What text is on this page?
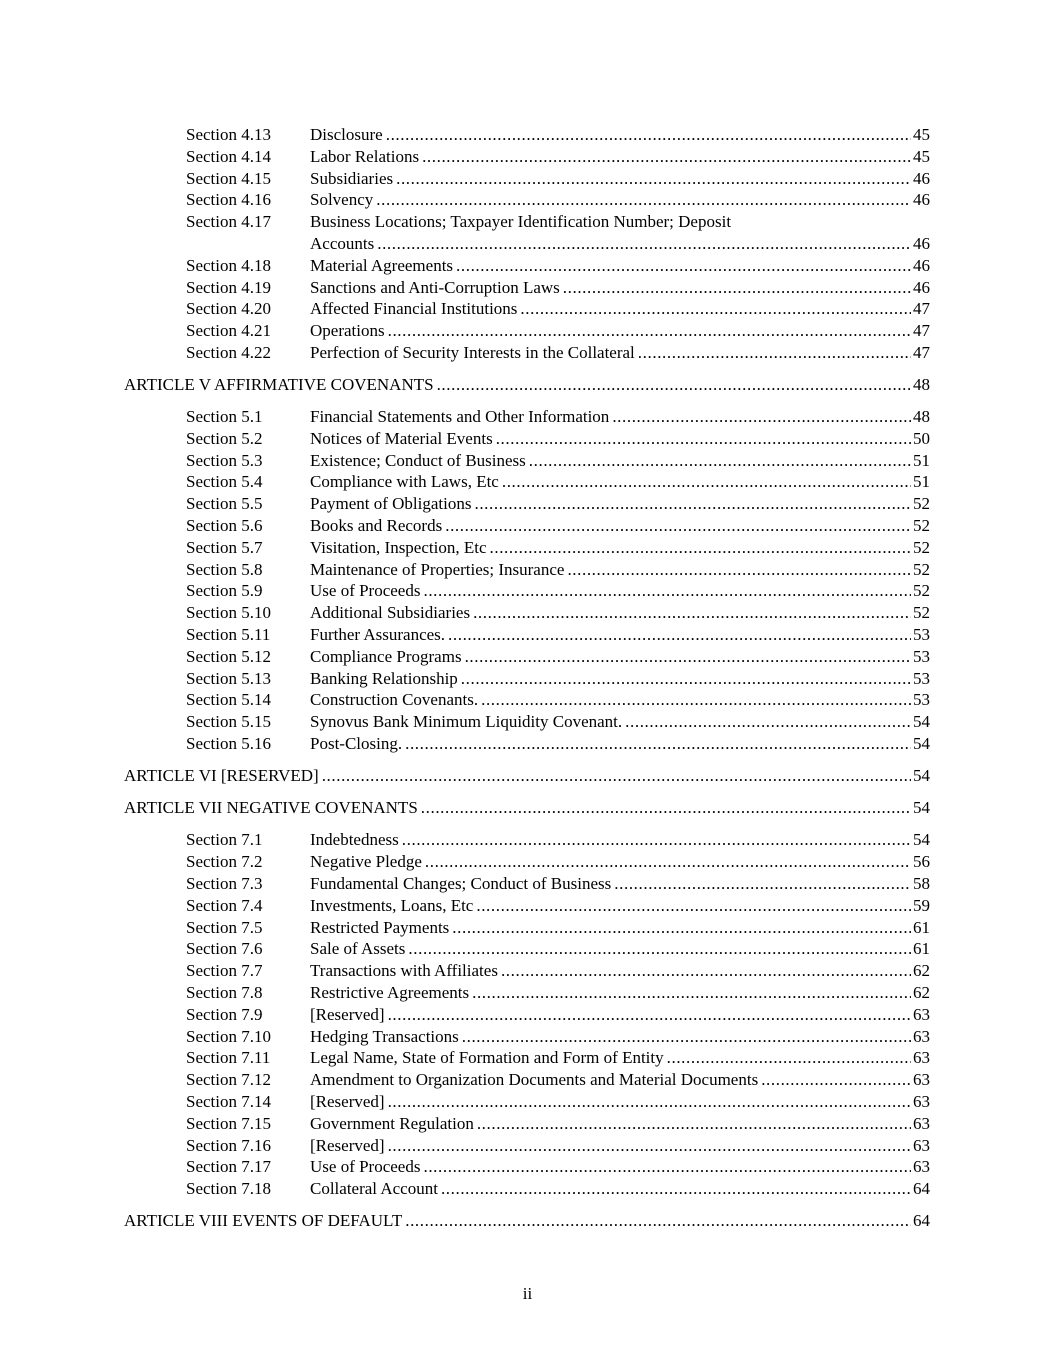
Section 4.13	Disclosure .....	45
Section 4.14	Labor Relations .....	45
Section 4.15	Subsidiaries .....	46
Section 4.16	Solvency .....	46
Section 4.17	Business Locations; Taxpayer Identification Number; Deposit
Accounts .....	46
Section 4.18	Material Agreements .....	46
Section 4.19	Sanctions and Anti-Corruption Laws .....	46
Section 4.20	Affected Financial Institutions .....	47
Section 4.21	Operations .....	47
Section 4.22	Perfection of Security Interests in the Collateral .....	47
ARTICLE V AFFIRMATIVE COVENANTS .....	48
Section 5.1	Financial Statements and Other Information .....	48
Section 5.2	Notices of Material Events .....	50
Section 5.3	Existence; Conduct of Business .....	51
Section 5.4	Compliance with Laws, Etc .....	51
Section 5.5	Payment of Obligations .....	52
Section 5.6	Books and Records .....	52
Section 5.7	Visitation, Inspection, Etc .....	52
Section 5.8	Maintenance of Properties; Insurance .....	52
Section 5.9	Use of Proceeds .....	52
Section 5.10	Additional Subsidiaries .....	52
Section 5.11	Further Assurances. .....	53
Section 5.12	Compliance Programs .....	53
Section 5.13	Banking Relationship .....	53
Section 5.14	Construction Covenants. .....	53
Section 5.15	Synovus Bank Minimum Liquidity Covenant. .....	54
Section 5.16	Post-Closing. .....	54
ARTICLE VI [RESERVED] .....	54
ARTICLE VII NEGATIVE COVENANTS .....	54
Section 7.1	Indebtedness .....	54
Section 7.2	Negative Pledge .....	56
Section 7.3	Fundamental Changes; Conduct of Business .....	58
Section 7.4	Investments, Loans, Etc .....	59
Section 7.5	Restricted Payments .....	61
Section 7.6	Sale of Assets .....	61
Section 7.7	Transactions with Affiliates .....	62
Section 7.8	Restrictive Agreements .....	62
Section 7.9	[Reserved] .....	63
Section 7.10	Hedging Transactions .....	63
Section 7.11	Legal Name, State of Formation and Form of Entity .....	63
Section 7.12	Amendment to Organization Documents and Material Documents .....	63
Section 7.14	[Reserved] .....	63
Section 7.15	Government Regulation .....	63
Section 7.16	[Reserved] .....	63
Section 7.17	Use of Proceeds .....	63
Section 7.18	Collateral Account .....	64
ARTICLE VIII EVENTS OF DEFAULT .....	64
ii
